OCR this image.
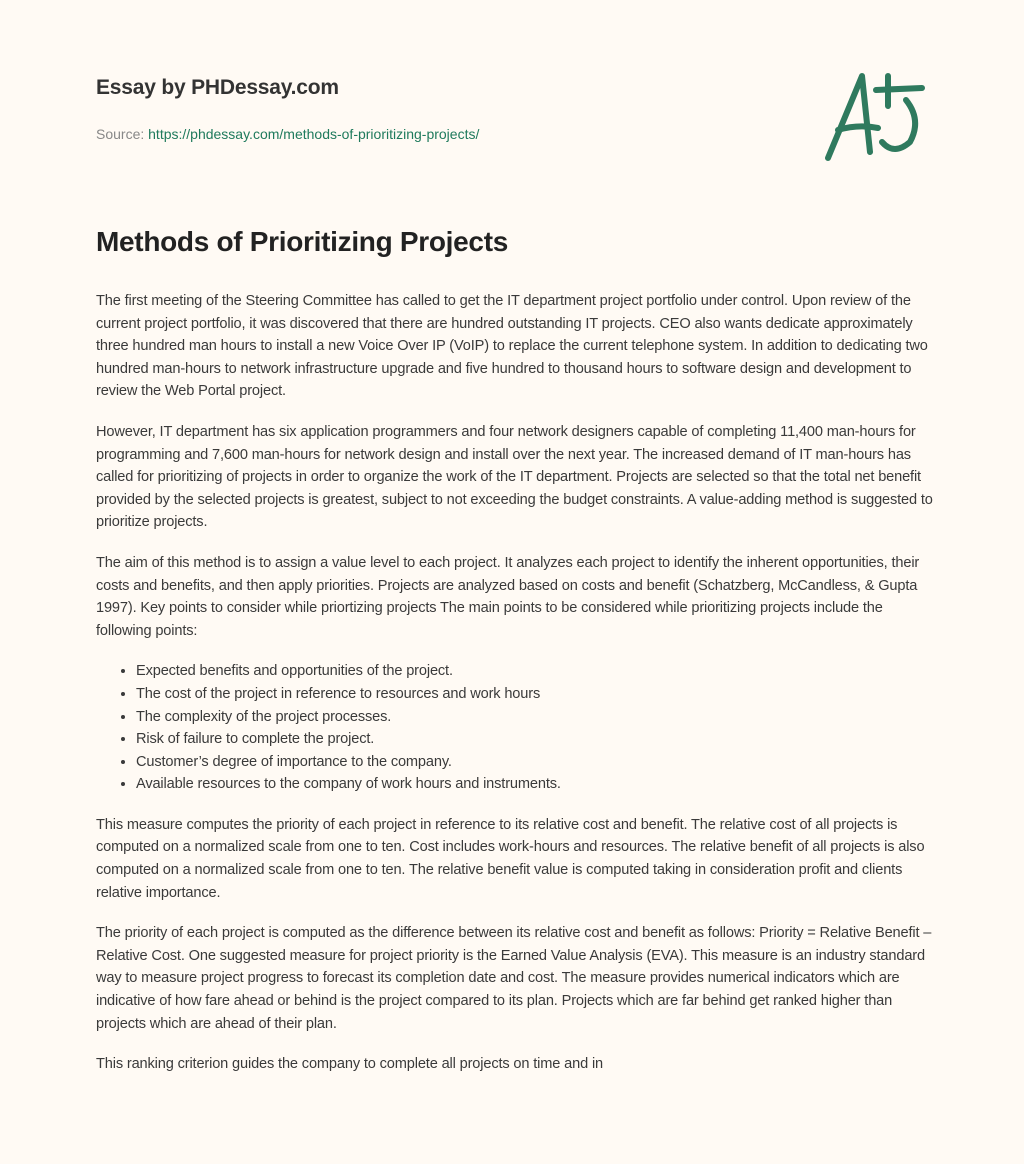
Essay by PHDessay.com
Source: https://phdessay.com/methods-of-prioritizing-projects/
Methods of Prioritizing Projects

The first meeting of the Steering Committee has called to get the IT department project portfolio under control. Upon review of the current project portfolio, it was discovered that there are hundred outstanding IT projects. CEO also wants dedicate approximately three hundred man hours to install a new Voice Over IP (VoIP) to replace the current telephone system. In addition to dedicating two hundred man-hours to network infrastructure upgrade and five hundred to thousand hours to software design and development to review the Web Portal project.

However, IT department has six application programmers and four network designers capable of completing 11,400 man-hours for programming and 7,600 man-hours for network design and install over the next year. The increased demand of IT man-hours has called for prioritizing of projects in order to organize the work of the IT department. Projects are selected so that the total net benefit provided by the selected projects is greatest, subject to not exceeding the budget constraints. A value-adding method is suggested to prioritize projects.

The aim of this method is to assign a value level to each project. It analyzes each project to identify the inherent opportunities, their costs and benefits, and then apply priorities. Projects are analyzed based on costs and benefit (Schatzberg, McCandless, & Gupta 1997). Key points to consider while priortizing projects The main points to be considered while prioritizing projects include the following points:

• Expected benefits and opportunities of the project.
• The cost of the project in reference to resources and work hours
• The complexity of the project processes.
• Risk of failure to complete the project.
• Customer’s degree of importance to the company.
• Available resources to the company of work hours and instruments.

This measure computes the priority of each project in reference to its relative cost and benefit. The relative cost of all projects is computed on a normalized scale from one to ten. Cost includes work-hours and resources. The relative benefit of all projects is also computed on a normalized scale from one to ten. The relative benefit value is computed taking in consideration profit and clients relative importance.

The priority of each project is computed as the difference between its relative cost and benefit as follows: Priority = Relative Benefit – Relative Cost. One suggested measure for project priority is the Earned Value Analysis (EVA). This measure is an industry standard way to measure project progress to forecast its completion date and cost. The measure provides numerical indicators which are indicative of how fare ahead or behind is the project compared to its plan. Projects which are far behind get ranked higher than projects which are ahead of their plan.

This ranking criterion guides the company to complete all projects on time and in
